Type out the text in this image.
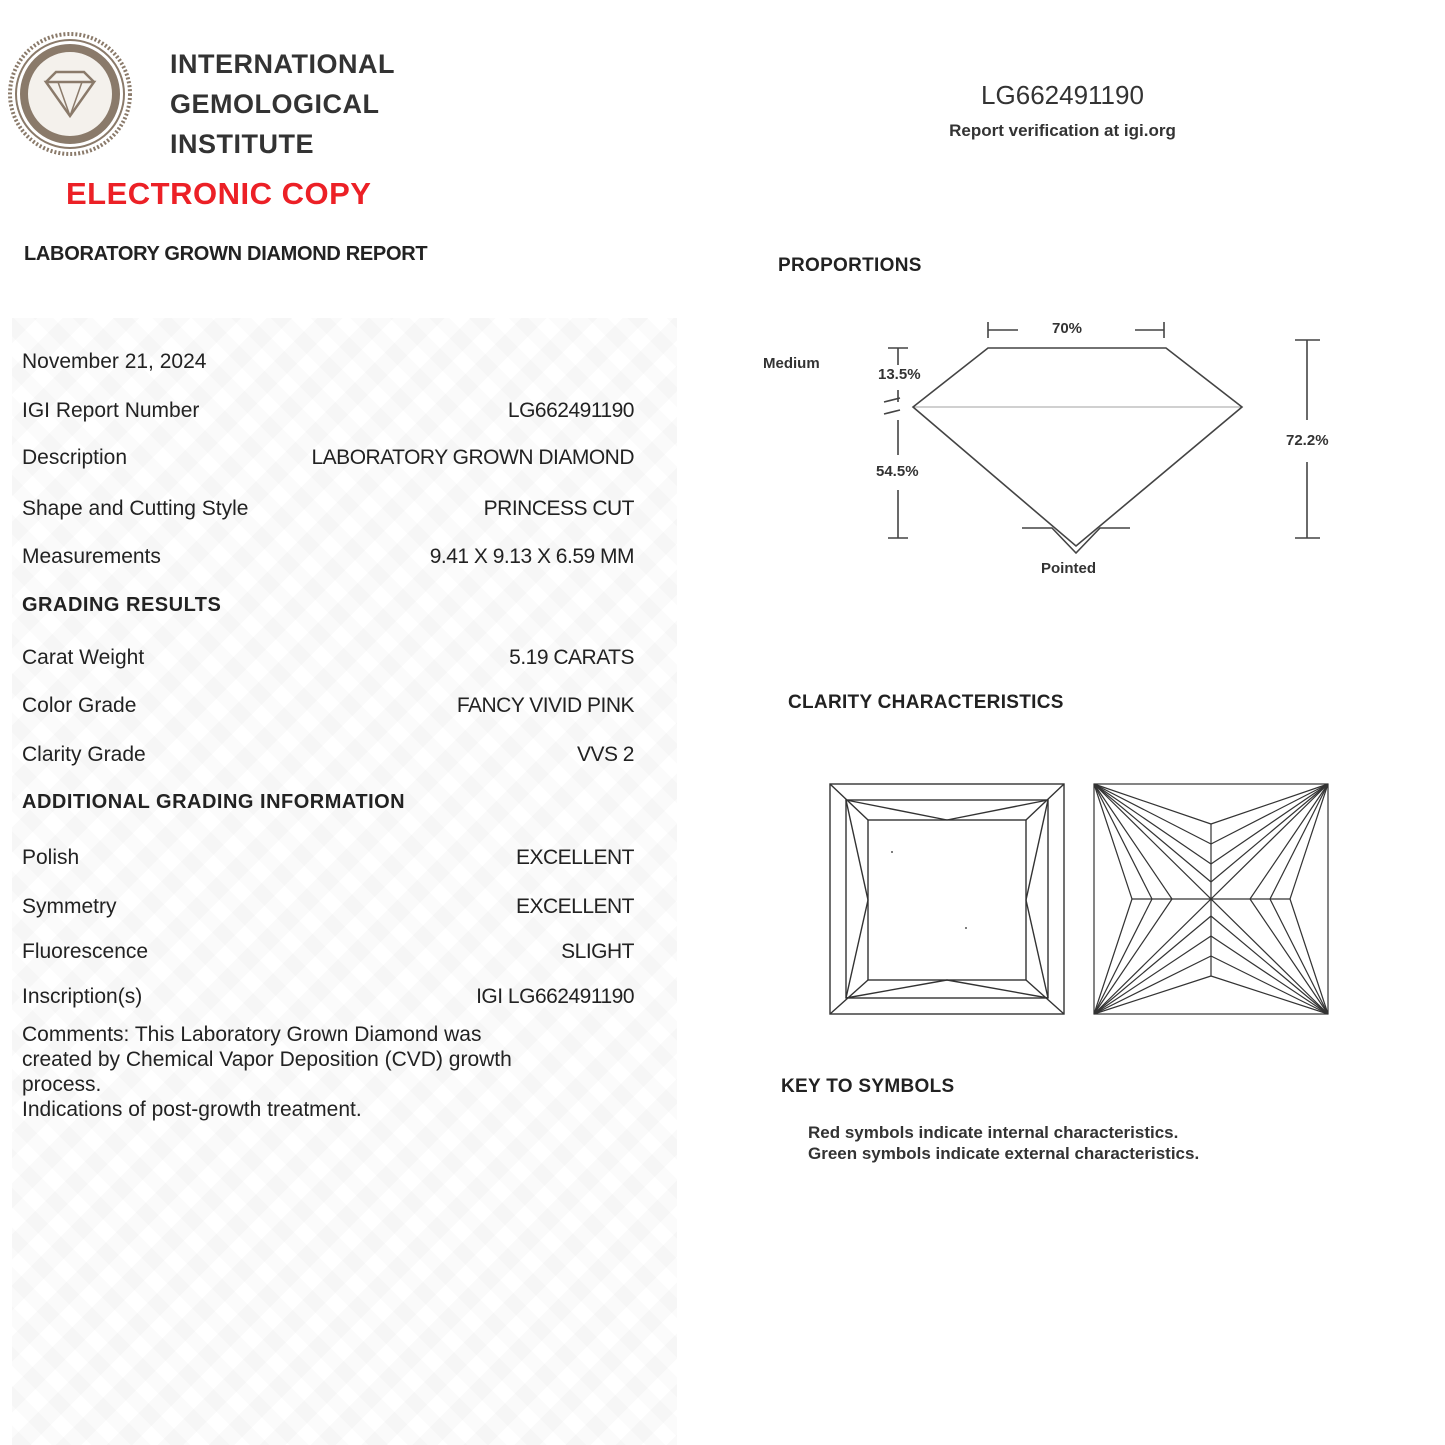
INTERNATIONAL
GEMOLOGICAL
INSTITUTE
ELECTRONIC COPY
LABORATORY GROWN DIAMOND REPORT
LG662491190
Report verification at igi.org
November 21, 2024
IGI Report Number	LG662491190
Description	LABORATORY GROWN DIAMOND
Shape and Cutting Style	PRINCESS CUT
Measurements	9.41 X 9.13 X 6.59 MM
GRADING RESULTS
Carat Weight	5.19 CARATS
Color Grade	FANCY VIVID PINK
Clarity Grade	VVS 2
ADDITIONAL GRADING INFORMATION
Polish	EXCELLENT
Symmetry	EXCELLENT
Fluorescence	SLIGHT
Inscription(s)	IGI LG662491190
Comments: This Laboratory Grown Diamond was
created by Chemical Vapor Deposition (CVD) growth
process.
Indications of post-growth treatment.
PROPORTIONS
70%
Medium
13.5%
54.5%
72.2%
Pointed
CLARITY CHARACTERISTICS
KEY TO SYMBOLS
Red symbols indicate internal characteristics.
Green symbols indicate external characteristics.
